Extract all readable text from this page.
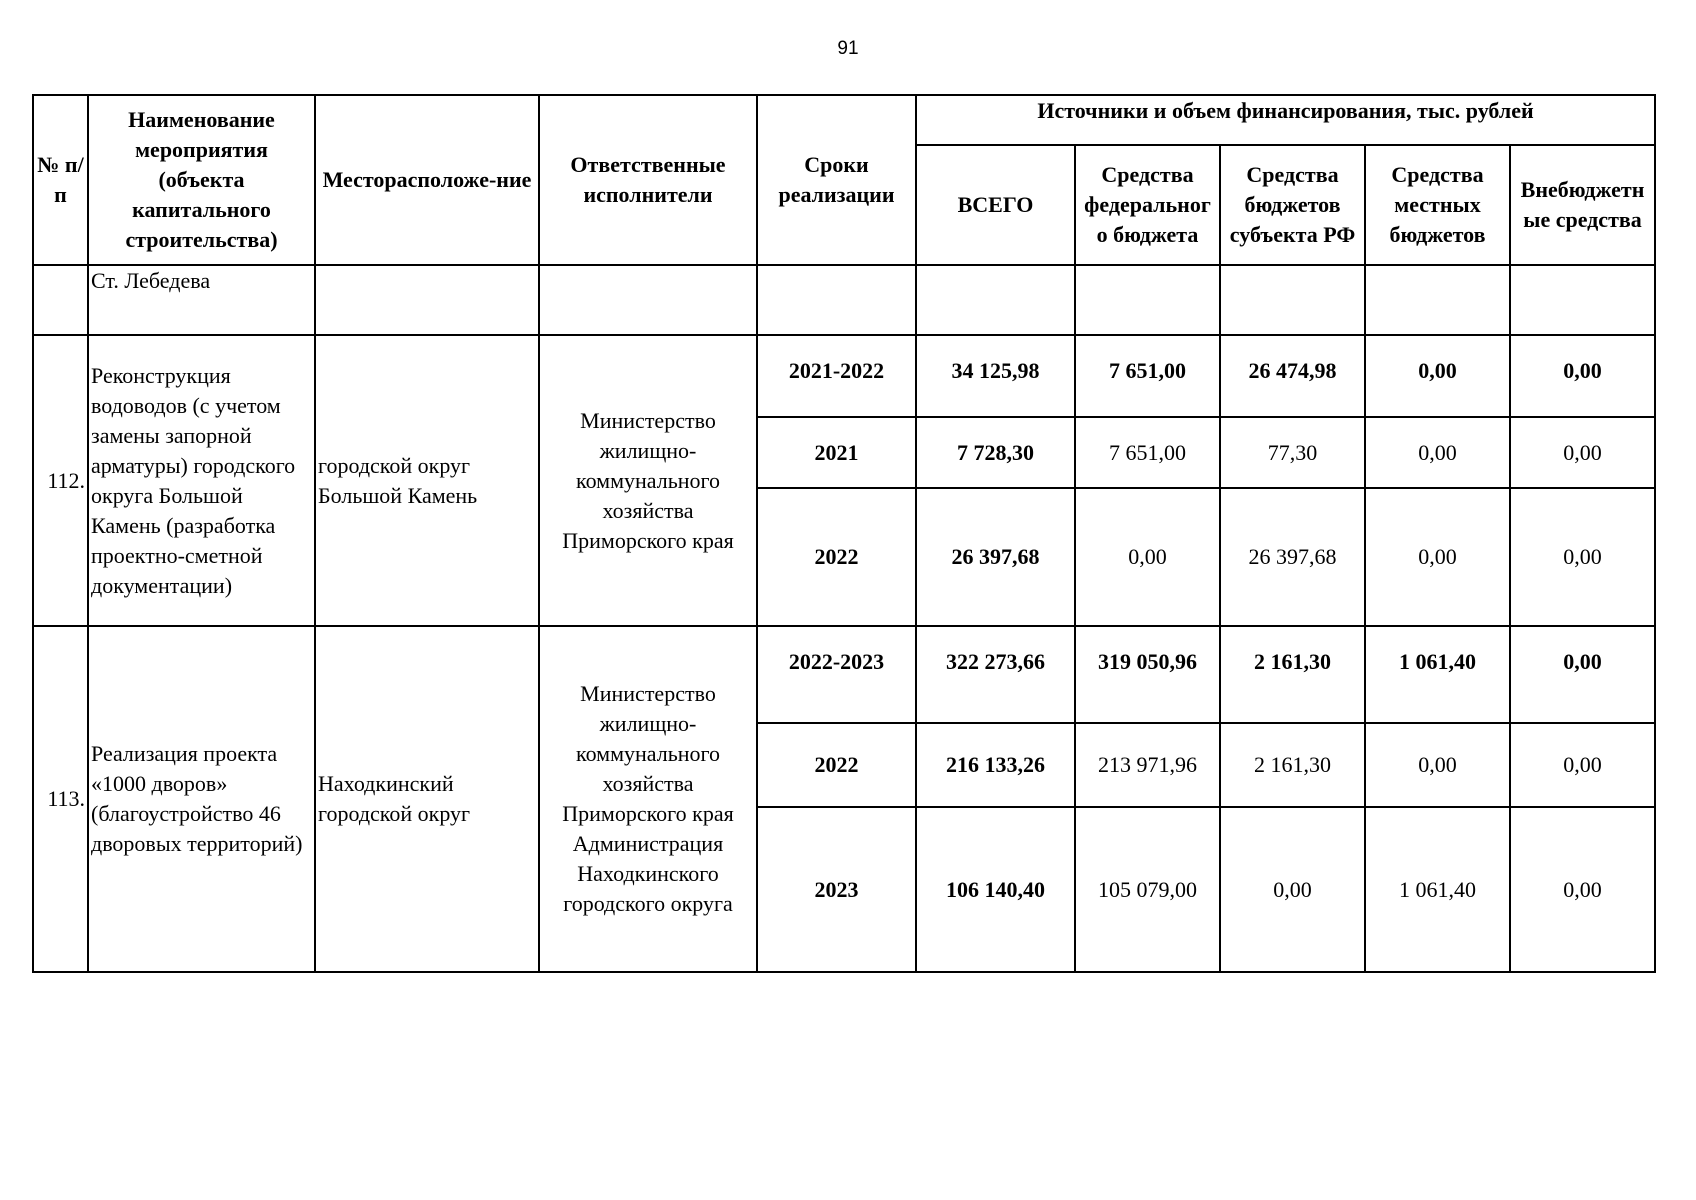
91
№ п/п	Наименование мероприятия (объекта капитального строительства)	Месторасположе-ние	Ответственные исполнители	Сроки реализации	Источники и объем финансирования, тыс. рублей				
					ВСЕГО	Средства федеральног о бюджета	Средства бюджетов субъекта РФ	Средства местных бюджетов	Внебюджетн ые средства
	Ст. Лебедева								
112.	Реконструкция водоводов (с учетом замены запорной арматуры) городского округа Большой Камень (разработка проектно-сметной документации)	городской округ Большой Камень	Министерство жилищно-коммунального хозяйства Приморского края	2021-2022	34 125,98	7 651,00	26 474,98	0,00	0,00
				2021	7 728,30	7 651,00	77,30	0,00	0,00
				2022	26 397,68	0,00	26 397,68	0,00	0,00
113.	Реализация проекта «1000 дворов» (благоустройство 46 дворовых территорий)	Находкинский городской округ	Министерство жилищно-коммунального хозяйства Приморского края Администрация Находкинского городского округа	2022-2023	322 273,66	319 050,96	2 161,30	1 061,40	0,00
				2022	216 133,26	213 971,96	2 161,30	0,00	0,00
				2023	106 140,40	105 079,00	0,00	1 061,40	0,00
